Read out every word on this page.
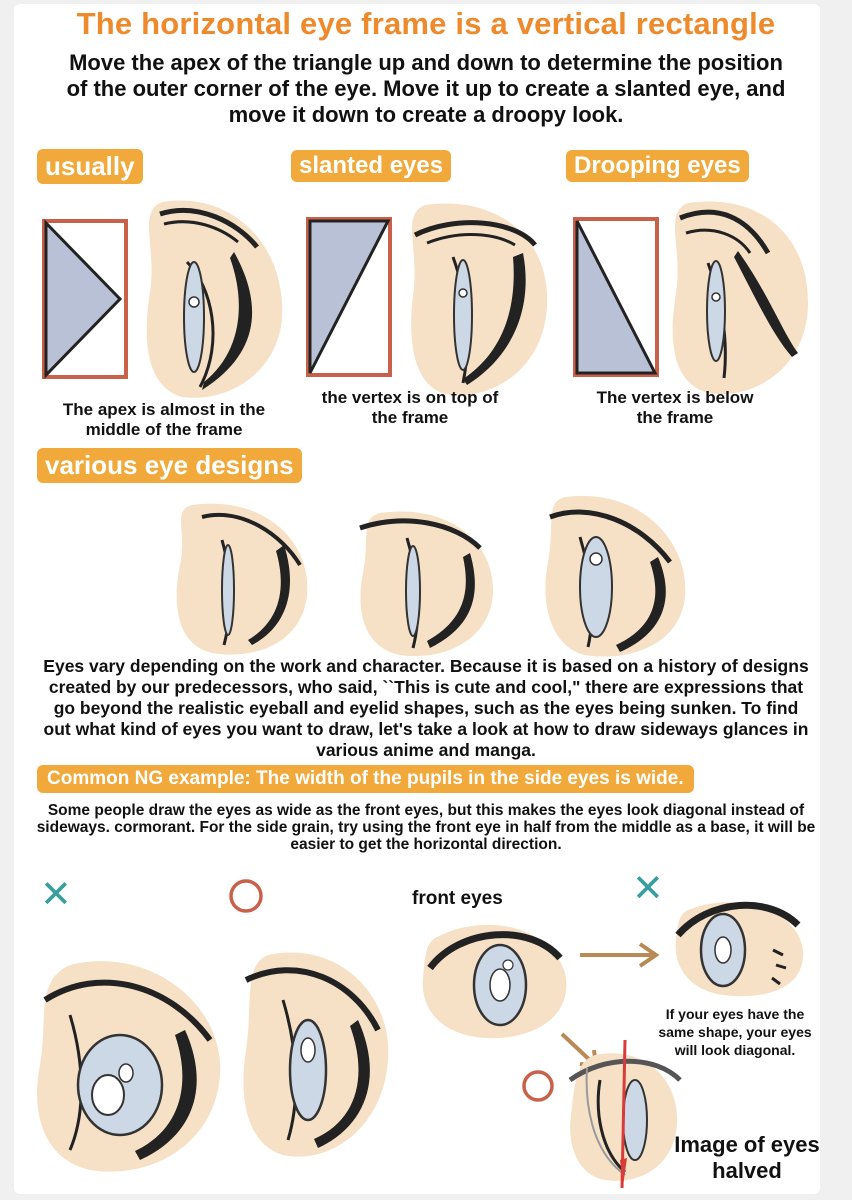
The horizontal eye frame is a vertical rectangle
Move the apex of the triangle up and down to determine the position of the outer corner of the eye. Move it up to create a slanted eye, and move it down to create a droopy look.
usually	slanted eyes	Drooping eyes
The apex is almost in the middle of the frame
the vertex is on top of the frame
The vertex is below the frame
various eye designs
Eyes vary depending on the work and character. Because it is based on a history of designs created by our predecessors, who said, ``This is cute and cool," there are expressions that go beyond the realistic eyeball and eyelid shapes, such as the eyes being sunken. To find out what kind of eyes you want to draw, let's take a look at how to draw sideways glances in various anime and manga.
Common NG example: The width of the pupils in the side eyes is wide.
Some people draw the eyes as wide as the front eyes, but this makes the eyes look diagonal instead of sideways. cormorant. For the side grain, try using the front eye in half from the middle as a base, it will be easier to get the horizontal direction.
✕	front eyes	✕
If your eyes have the same shape, your eyes will look diagonal.
Image of eyes halved
